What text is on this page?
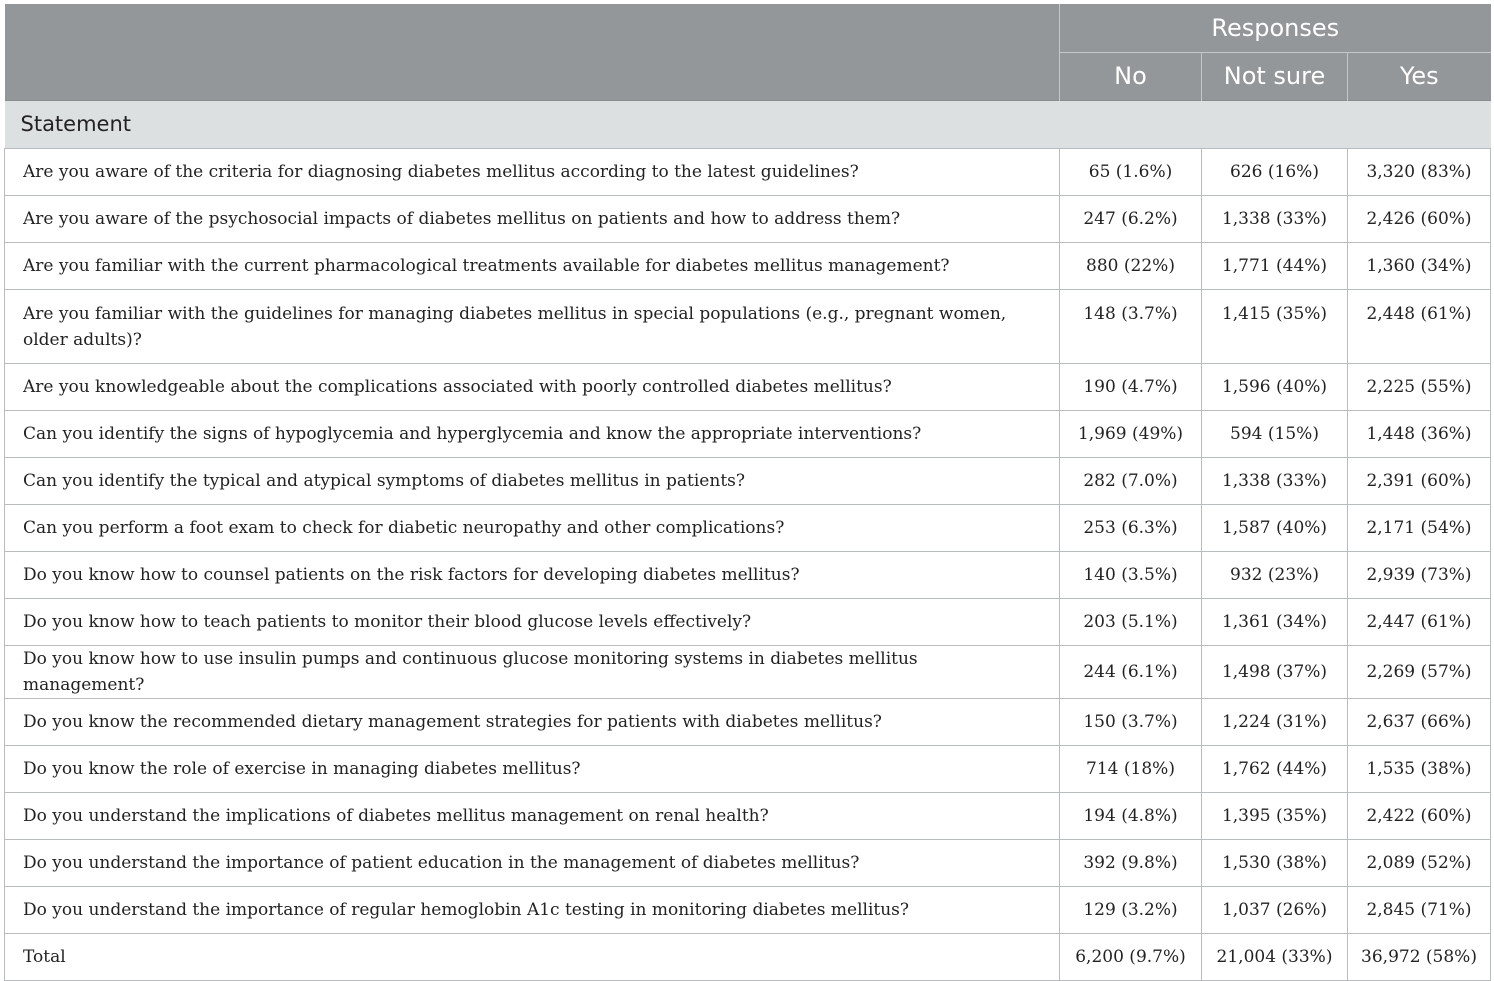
	Responses		
	No	Not sure	Yes
Statement			
Are you aware of the criteria for diagnosing diabetes mellitus according to the latest guidelines?	65 (1.6%)	626 (16%)	3,320 (83%)
Are you aware of the psychosocial impacts of diabetes mellitus on patients and how to address them?	247 (6.2%)	1,338 (33%)	2,426 (60%)
Are you familiar with the current pharmacological treatments available for diabetes mellitus management?	880 (22%)	1,771 (44%)	1,360 (34%)
Are you familiar with the guidelines for managing diabetes mellitus in special populations (e.g., pregnant women, older adults)?	148 (3.7%)	1,415 (35%)	2,448 (61%)
Are you knowledgeable about the complications associated with poorly controlled diabetes mellitus?	190 (4.7%)	1,596 (40%)	2,225 (55%)
Can you identify the signs of hypoglycemia and hyperglycemia and know the appropriate interventions?	1,969 (49%)	594 (15%)	1,448 (36%)
Can you identify the typical and atypical symptoms of diabetes mellitus in patients?	282 (7.0%)	1,338 (33%)	2,391 (60%)
Can you perform a foot exam to check for diabetic neuropathy and other complications?	253 (6.3%)	1,587 (40%)	2,171 (54%)
Do you know how to counsel patients on the risk factors for developing diabetes mellitus?	140 (3.5%)	932 (23%)	2,939 (73%)
Do you know how to teach patients to monitor their blood glucose levels effectively?	203 (5.1%)	1,361 (34%)	2,447 (61%)
Do you know how to use insulin pumps and continuous glucose monitoring systems in diabetes mellitus management?	244 (6.1%)	1,498 (37%)	2,269 (57%)
Do you know the recommended dietary management strategies for patients with diabetes mellitus?	150 (3.7%)	1,224 (31%)	2,637 (66%)
Do you know the role of exercise in managing diabetes mellitus?	714 (18%)	1,762 (44%)	1,535 (38%)
Do you understand the implications of diabetes mellitus management on renal health?	194 (4.8%)	1,395 (35%)	2,422 (60%)
Do you understand the importance of patient education in the management of diabetes mellitus?	392 (9.8%)	1,530 (38%)	2,089 (52%)
Do you understand the importance of regular hemoglobin A1c testing in monitoring diabetes mellitus?	129 (3.2%)	1,037 (26%)	2,845 (71%)
Total	6,200 (9.7%)	21,004 (33%)	36,972 (58%)
